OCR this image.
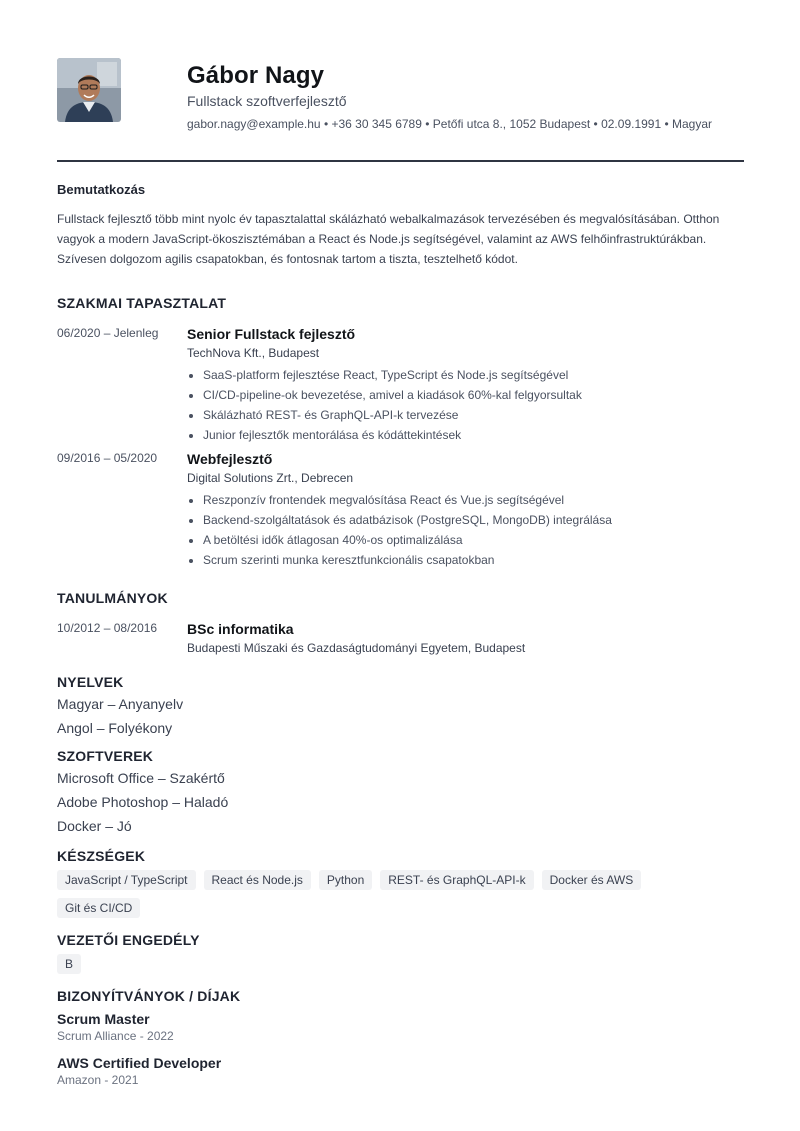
Gábor Nagy
Fullstack szoftverfejlesztő
gabor.nagy@example.hu • +36 30 345 6789 • Petőfi utca 8., 1052 Budapest • 02.09.1991 • Magyar
Bemutatkozás
Fullstack fejlesztő több mint nyolc év tapasztalattal skálázható webalkalmazások tervezésében és megvalósításában. Otthon vagyok a modern JavaScript-ökoszisztémában a React és Node.js segítségével, valamint az AWS felhőinfrastruktúrákban. Szívesen dolgozom agilis csapatokban, és fontosnak tartom a tiszta, tesztelhető kódot.
SZAKMAI TAPASZTALAT
06/2020 – Jelenleg	Senior Fullstack fejlesztő
TechNova Kft., Budapest
• SaaS-platform fejlesztése React, TypeScript és Node.js segítségével
• CI/CD-pipeline-ok bevezetése, amivel a kiadások 60%-kal felgyorsultak
• Skálázható REST- és GraphQL-API-k tervezése
• Junior fejlesztők mentorálása és kódáttekintések
09/2016 – 05/2020	Webfejlesztő
Digital Solutions Zrt., Debrecen
• Reszponzív frontendek megvalósítása React és Vue.js segítségével
• Backend-szolgáltatások és adatbázisok (PostgreSQL, MongoDB) integrálása
• A betöltési idők átlagosan 40%-os optimalizálása
• Scrum szerinti munka keresztfunkcionális csapatokban
TANULMÁNYOK
10/2012 – 08/2016	BSc informatika
Budapesti Műszaki és Gazdaságtudományi Egyetem, Budapest
NYELVEK
Magyar – Anyanyelv
Angol – Folyékony
SZOFTVEREK
Microsoft Office – Szakértő
Adobe Photoshop – Haladó
Docker – Jó
KÉSZSÉGEK
JavaScript / TypeScript	React és Node.js	Python	REST- és GraphQL-API-k	Docker és AWS
Git és CI/CD
VEZETŐI ENGEDÉLY
B
BIZONYÍTVÁNYOK / DÍJAK
Scrum Master
Scrum Alliance - 2022
AWS Certified Developer
Amazon - 2021
